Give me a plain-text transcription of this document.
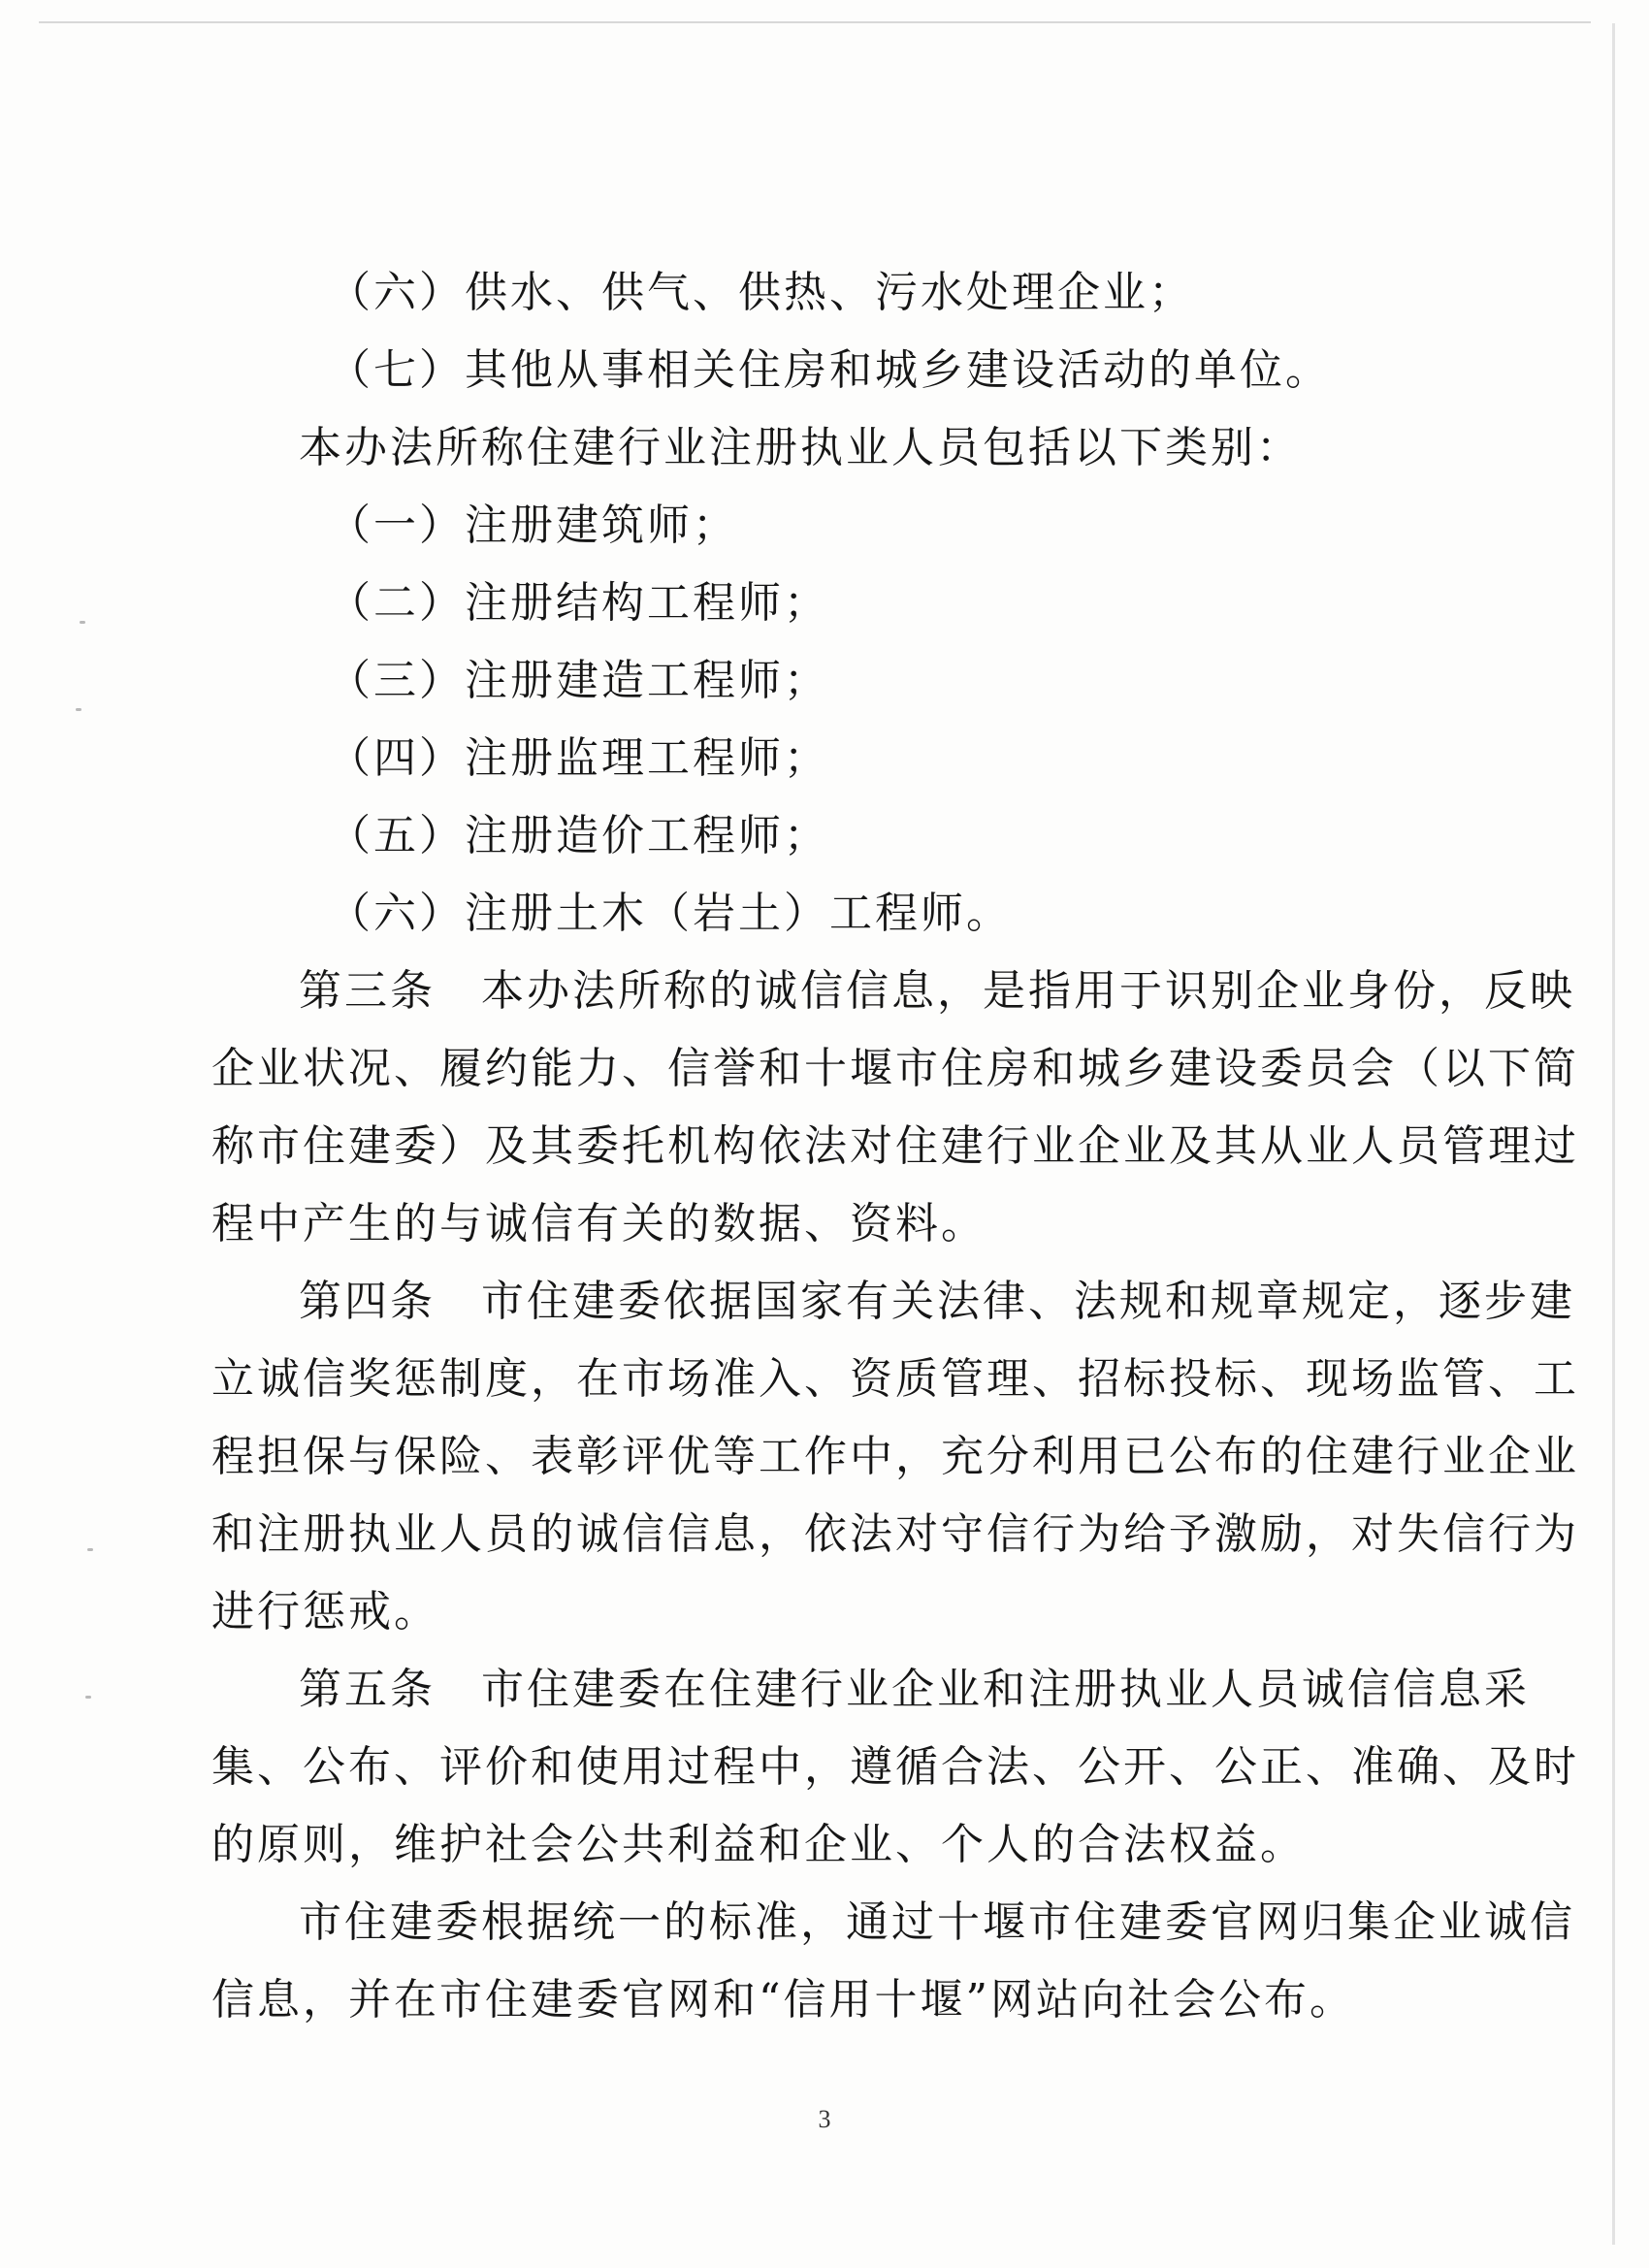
（六）供水、供气、供热、污水处理企业；
（七）其他从事相关住房和城乡建设活动的单位。
本办法所称住建行业注册执业人员包括以下类别：
（一）注册建筑师；
（二）注册结构工程师；
（三）注册建造工程师；
（四）注册监理工程师；
（五）注册造价工程师；
（六）注册土木（岩土）工程师。
第三条　本办法所称的诚信信息，是指用于识别企业身份，反映
企业状况、履约能力、信誉和十堰市住房和城乡建设委员会（以下简
称市住建委）及其委托机构依法对住建行业企业及其从业人员管理过
程中产生的与诚信有关的数据、资料。
第四条　市住建委依据国家有关法律、法规和规章规定，逐步建
立诚信奖惩制度，在市场准入、资质管理、招标投标、现场监管、工
程担保与保险、表彰评优等工作中，充分利用已公布的住建行业企业
和注册执业人员的诚信信息，依法对守信行为给予激励，对失信行为
进行惩戒。
第五条　市住建委在住建行业企业和注册执业人员诚信信息采
集、公布、评价和使用过程中，遵循合法、公开、公正、准确、及时
的原则，维护社会公共利益和企业、个人的合法权益。
市住建委根据统一的标准，通过十堰市住建委官网归集企业诚信
信息，并在市住建委官网和“信用十堰”网站向社会公布。
3
